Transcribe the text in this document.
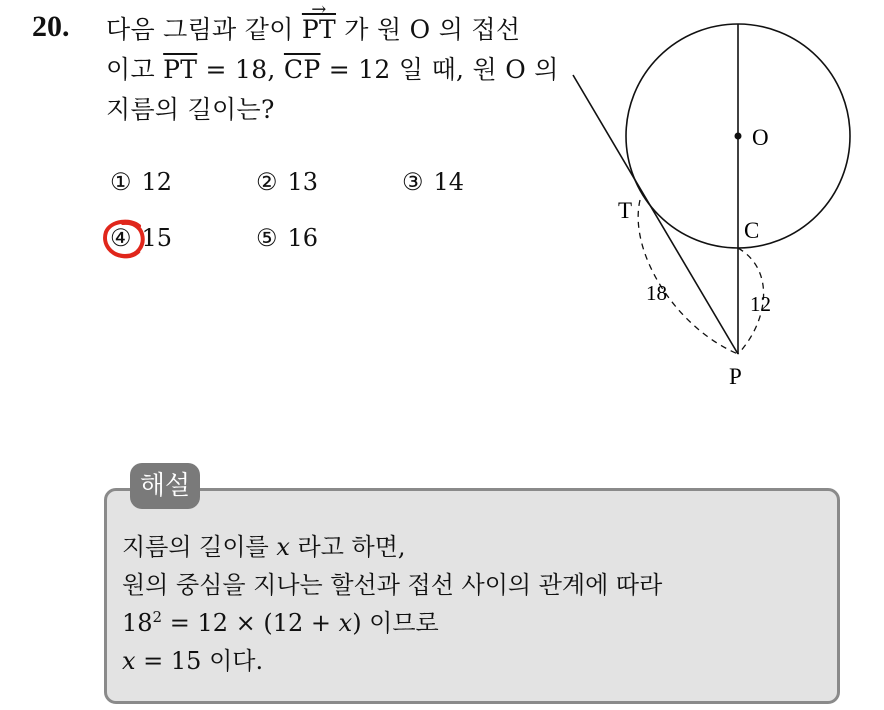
20. 다음 그림과 같이
→
PT 가 원 O 의 접선
이고 $\overline{PT} = 18$, $\overline{CP} = 12$ 일 때, 원 O 의
지름의 길이는?
① 12	② 13	③ 14
④ 15	⑤ 16
O
T
C
P
18	12
해설
지름의 길이를 x 라고 하면,
원의 중심을 지나는 할선과 접선 사이의 관계에 따라
$18^2 = 12 \times (12 + x)$ 이므로
x = 15 이다.
